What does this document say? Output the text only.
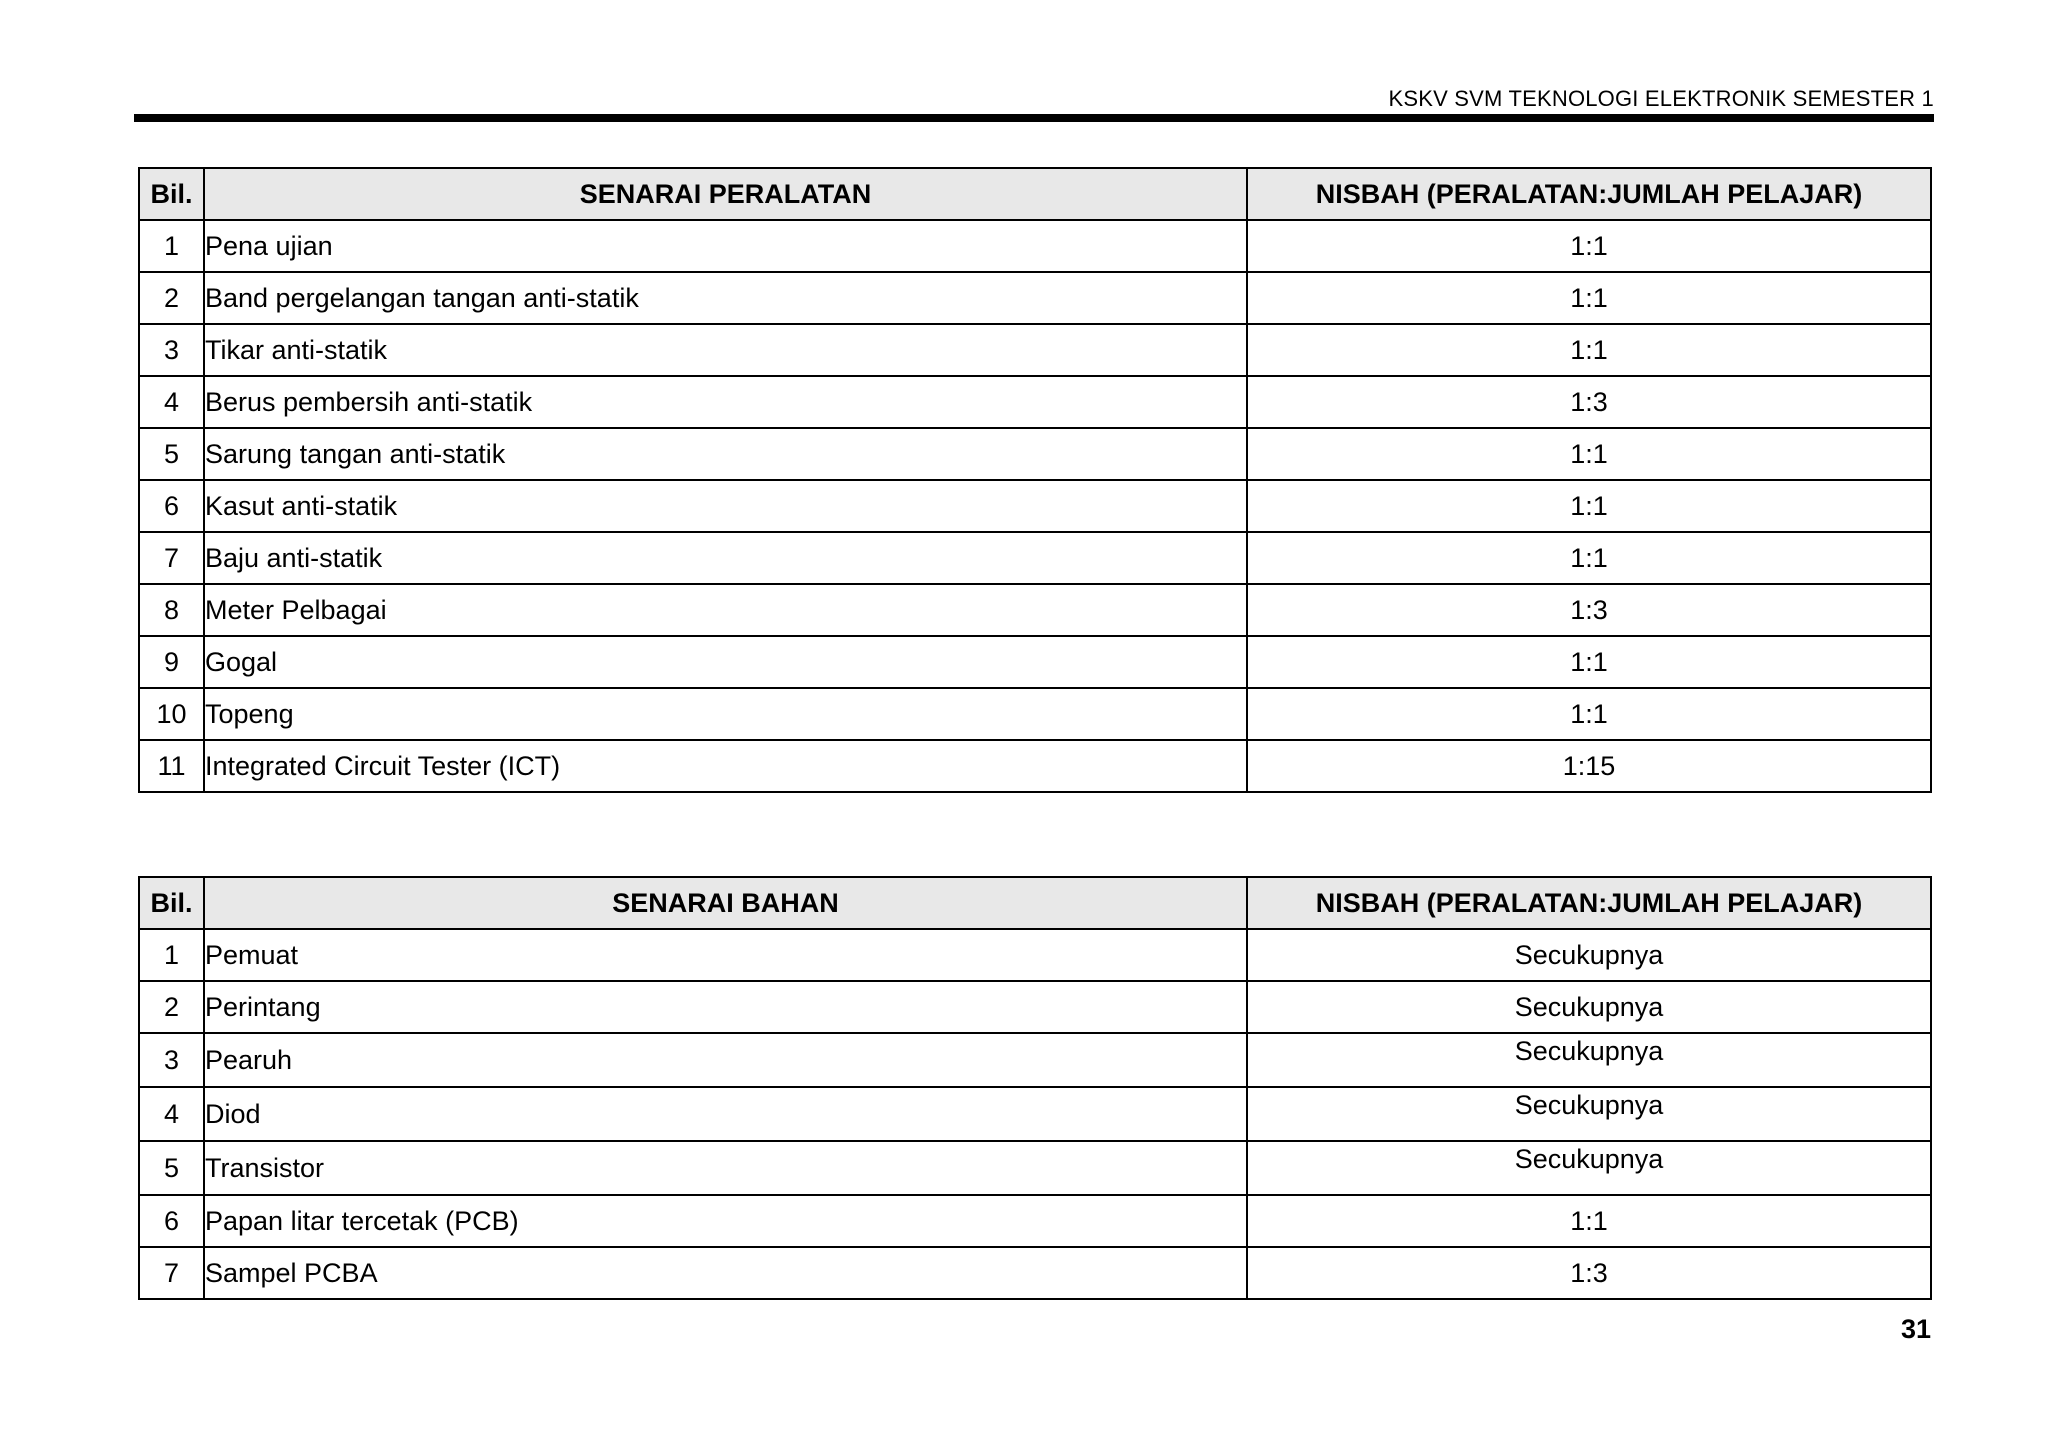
KSKV SVM TEKNOLOGI ELEKTRONIK SEMESTER 1
Bil.	SENARAI PERALATAN	NISBAH (PERALATAN:JUMLAH PELAJAR)
1	Pena ujian	1:1
2	Band pergelangan tangan anti-statik	1:1
3	Tikar anti-statik	1:1
4	Berus pembersih anti-statik	1:3
5	Sarung tangan anti-statik	1:1
6	Kasut anti-statik	1:1
7	Baju anti-statik	1:1
8	Meter Pelbagai	1:3
9	Gogal	1:1
10	Topeng	1:1
11	Integrated Circuit Tester (ICT)	1:15
Bil.	SENARAI BAHAN	NISBAH (PERALATAN:JUMLAH PELAJAR)
1	Pemuat	Secukupnya
2	Perintang	Secukupnya
3	Pearuh	Secukupnya
4	Diod	Secukupnya
5	Transistor	Secukupnya
6	Papan litar tercetak (PCB)	1:1
7	Sampel PCBA	1:3
31
